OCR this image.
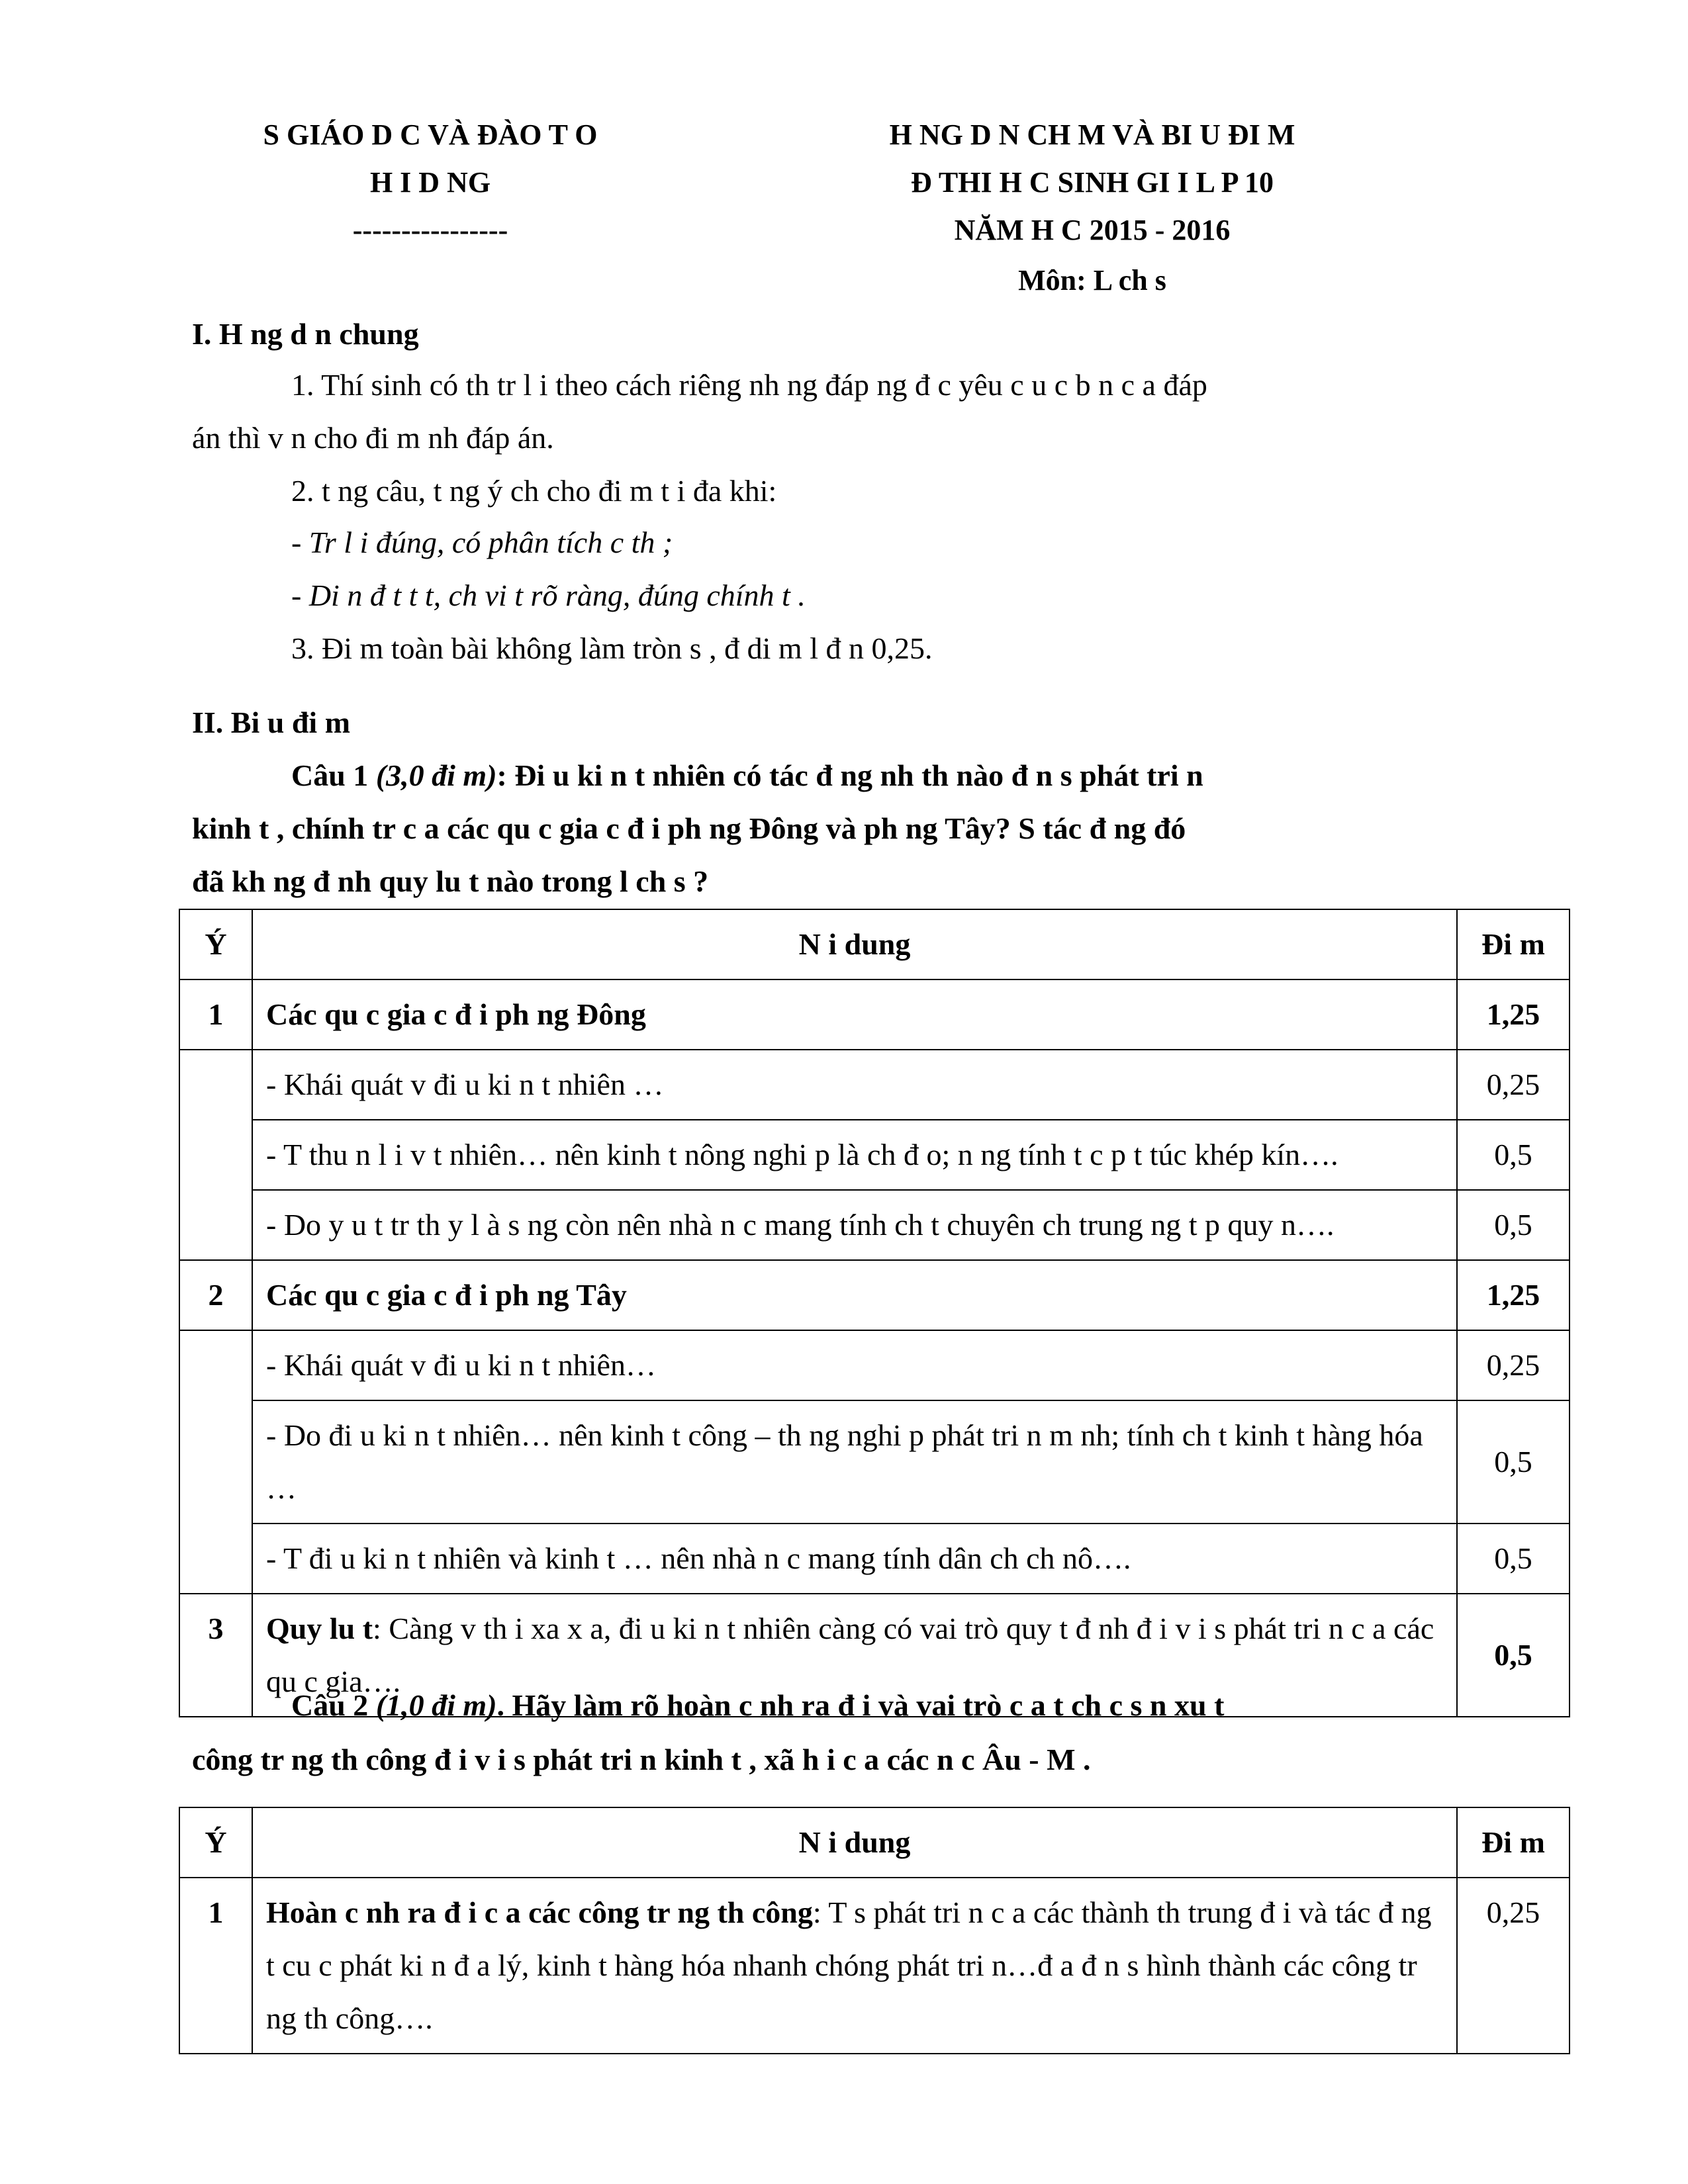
S GIÁO D C VÀ ĐÀO T O
H I D NG
----------------
H NG D N CH M VÀ BI U ĐI M
Đ THI H C SINH GI I L P 10
NĂM H C 2015 - 2016
Môn: L ch s
I. H ng d n chung
1. Thí sinh có th tr l i theo cách riêng nh ng đáp ng đ c yêu c u c b n c a đáp
án thì v n cho đi m nh đáp án.
2. t ng câu, t ng ý ch cho đi m t i đa khi:
- Tr l i đúng, có phân tích c th ;
- Di n đ t t t, ch vi t rõ ràng, đúng chính t .
3. Đi m toàn bài không làm tròn s , đ di m l đ n 0,25.
II. Bi u đi m
Câu 1 (3,0 đi m): Đi u ki n t nhiên có tác đ ng nh th nào đ n s phát tri n
kinh t , chính tr c a các qu c gia c đ i ph ng Đông và ph ng Tây? S tác đ ng đó
đã kh ng đ nh quy lu t nào trong l ch s ?
Ý	N i dung	Đi m
1	Các qu c gia c đ i ph ng Đông	1,25
	- Khái quát v đi u ki n t nhiên …	0,25
	- T thu n l i v t nhiên… nên kinh t nông nghi p là ch đ o; n ng tính t c p t túc khép kín….	0,5
	- Do y u t tr th y l à s ng còn nên nhà n c mang tính ch t chuyên ch trung ng t p quy n….	0,5
2	Các qu c gia c đ i ph ng Tây	1,25
	- Khái quát v đi u ki n t nhiên…	0,25
	- Do đi u ki n t nhiên… nên kinh t công – th ng nghi p phát tri n m nh; tính ch t kinh t hàng hóa …	0,5
	- T đi u ki n t nhiên và kinh t … nên nhà n c mang tính dân ch ch nô….	0,5
3	Quy lu t: Càng v th i xa x a, đi u ki n t nhiên càng có vai trò quy t đ nh đ i v i s phát tri n c a các qu c gia….	0,5
Câu 2 (1,0 đi m). Hãy làm rõ hoàn c nh ra đ i và vai trò c a t ch c s n xu t
công tr ng th công đ i v i s phát tri n kinh t , xã h i c a các n c Âu - M .
Ý	N i dung	Đi m
1	Hoàn c nh ra đ i c a các công tr ng th công: T s phát tri n c a các thành th trung đ i và tác đ ng t cu c phát ki n đ a lý, kinh t hàng hóa nhanh chóng phát tri n…đ a đ n s hình thành các công tr ng th công….	0,25
